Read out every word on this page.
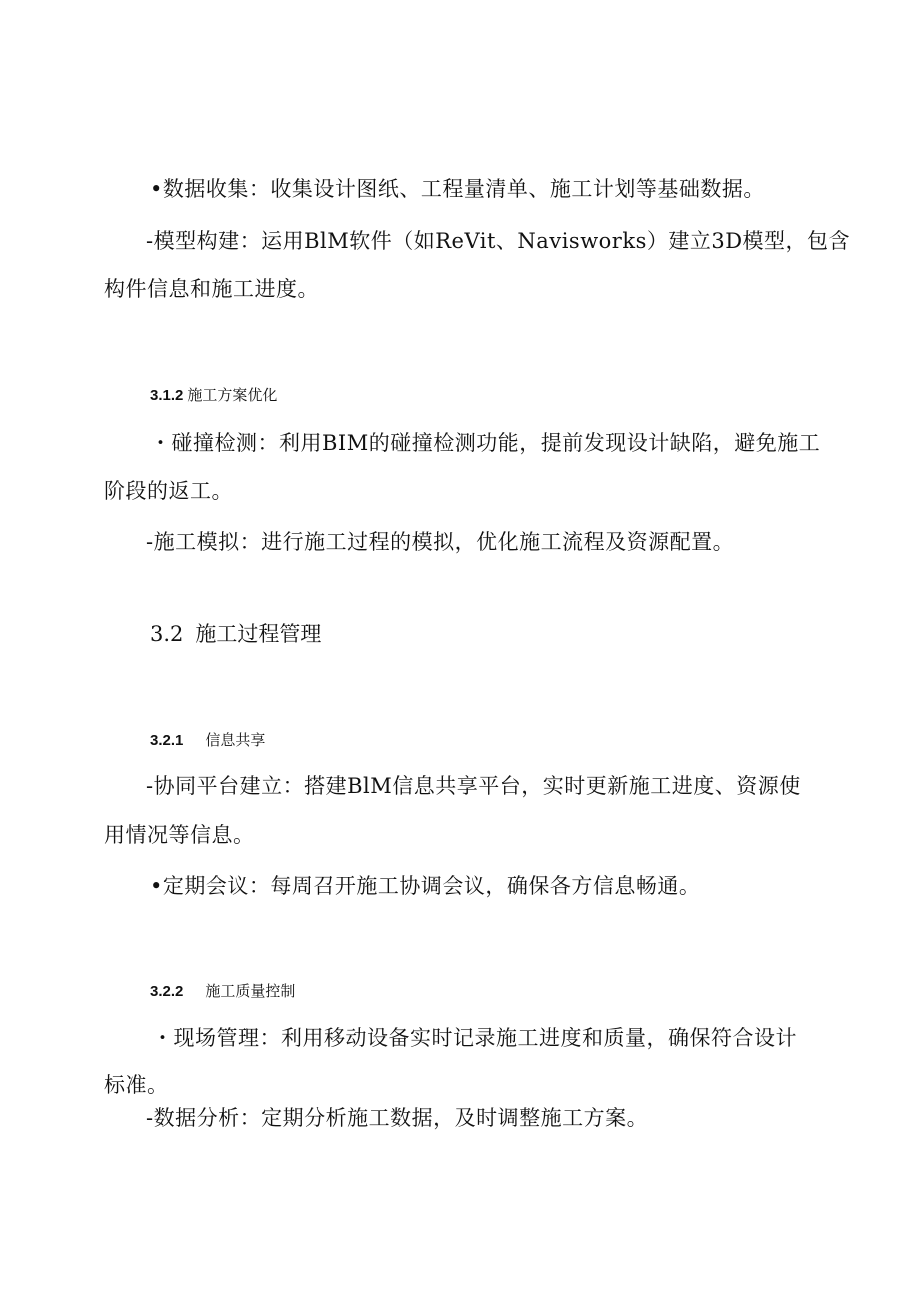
•数据收集：收集设计图纸、工程量清单、施工计划等基础数据。
-模型构建：运用BlM软件（如ReVit、Navisworks）建立3D模型，包含
构件信息和施工进度。
3.1.2 施工方案优化
・碰撞检测：利用BIM的碰撞检测功能，提前发现设计缺陷，避免施工
阶段的返工。
-施工模拟：进行施工过程的模拟，优化施工流程及资源配置。
3.2 施工过程管理
3.2.1 信息共享
-协同平台建立：搭建BlM信息共享平台，实时更新施工进度、资源使
用情况等信息。
•定期会议：每周召开施工协调会议，确保各方信息畅通。
3.2.2 施工质量控制
・现场管理：利用移动设备实时记录施工进度和质量，确保符合设计
标准。
-数据分析：定期分析施工数据，及时调整施工方案。
